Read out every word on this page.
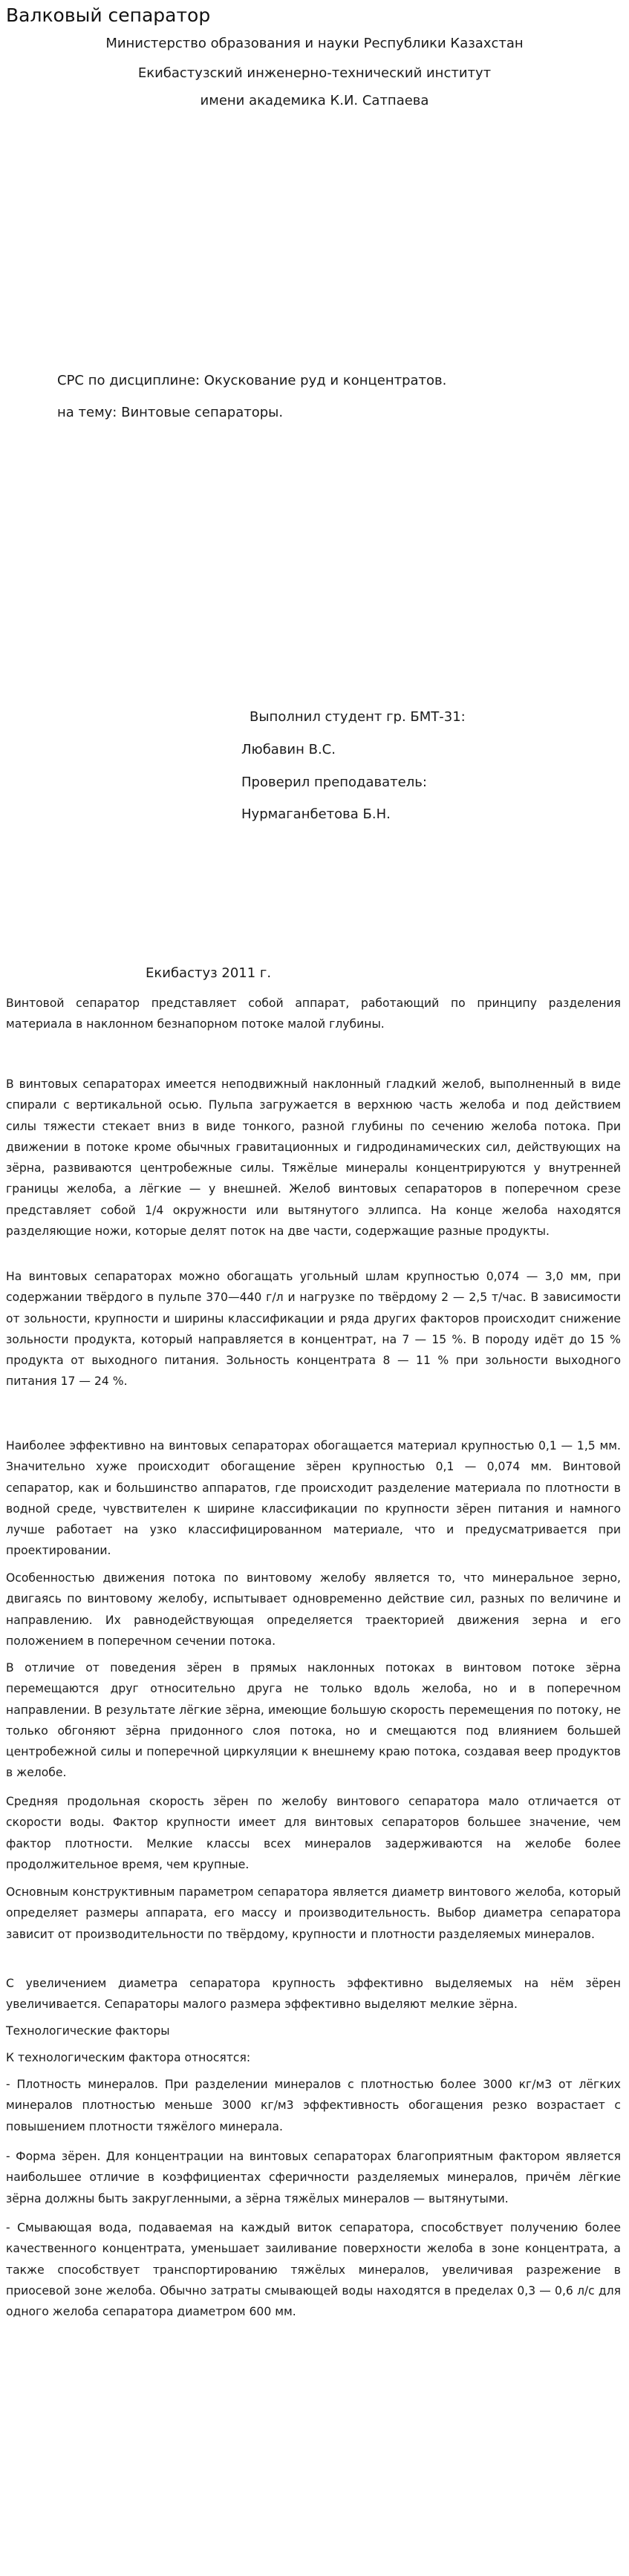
Валковый сепаратор
Министерство образования и науки Республики Казахстан
Екибастузский инженерно-технический институт
имени академика К.И. Сатпаева
СРС по дисциплине: Окускование руд и концентратов.
на тему: Винтовые сепараторы.
Выполнил студент гр. БМТ-31:
Любавин В.С.
Проверил преподаватель:
Нурмаганбетова Б.Н.
Екибастуз 2011 г.

Винтовой сепаратор представляет собой аппарат, работающий по принципу разделения материала в наклонном безнапорном потоке малой глубины.

В винтовых сепараторах имеется неподвижный наклонный гладкий желоб, выполненный в виде спирали с вертикальной осью. Пульпа загружается в верхнюю часть желоба и под действием силы тяжести стекает вниз в виде тонкого, разной глубины по сечению желоба потока. При движении в потоке кроме обычных гравитационных и гидродинамических сил, действующих на зёрна, развиваются центробежные силы. Тяжёлые минералы концентрируются у внутренней границы желоба, а лёгкие — у внешней. Желоб винтовых сепараторов в поперечном срезе представляет собой 1/4 окружности или вытянутого эллипса. На конце желоба находятся разделяющие ножи, которые делят поток на две части, содержащие разные продукты.

На винтовых сепараторах можно обогащать угольный шлам крупностью 0,074 — 3,0 мм, при содержании твёрдого в пульпе 370—440 г/л и нагрузке по твёрдому 2 — 2,5 т/час. В зависимости от зольности, крупности и ширины классификации и ряда других факторов происходит снижение зольности продукта, который направляется в концентрат, на 7 — 15 %. В породу идёт до 15 % продукта от выходного питания. Зольность концентрата 8 — 11 % при зольности выходного питания 17 — 24 %.

Наиболее эффективно на винтовых сепараторах обогащается материал крупностью 0,1 — 1,5 мм. Значительно хуже происходит обогащение зёрен крупностью 0,1 — 0,074 мм. Винтовой сепаратор, как и большинство аппаратов, где происходит разделение материала по плотности в водной среде, чувствителен к ширине классификации по крупности зёрен питания и намного лучше работает на узко классифицированном материале, что и предусматривается при проектировании.

Особенностью движения потока по винтовому желобу является то, что минеральное зерно, двигаясь по винтовому желобу, испытывает одновременно действие сил, разных по величине и направлению. Их равнодействующая определяется траекторией движения зерна и его положением в поперечном сечении потока.

В отличие от поведения зёрен в прямых наклонных потоках в винтовом потоке зёрна перемещаются друг относительно друга не только вдоль желоба, но и в поперечном направлении. В результате лёгкие зёрна, имеющие большую скорость перемещения по потоку, не только обгоняют зёрна придонного слоя потока, но и смещаются под влиянием большей центробежной силы и поперечной циркуляции к внешнему краю потока, создавая веер продуктов в желобе.

Средняя продольная скорость зёрен по желобу винтового сепаратора мало отличается от скорости воды. Фактор крупности имеет для винтовых сепараторов большее значение, чем фактор плотности. Мелкие классы всех минералов задерживаются на желобе более продолжительное время, чем крупные.

Основным конструктивным параметром сепаратора является диаметр винтового желоба, который определяет размеры аппарата, его массу и производительность. Выбор диаметра сепаратора зависит от производительности по твёрдому, крупности и плотности разделяемых минералов.

С увеличением диаметра сепаратора крупность эффективно выделяемых на нём зёрен увеличивается. Сепараторы малого размера эффективно выделяют мелкие зёрна.

Технологические факторы

К технологическим фактора относятся:

- Плотность минералов. При разделении минералов с плотностью более 3000 кг/м3 от лёгких минералов плотностью меньше 3000 кг/м3 эффективность обогащения резко возрастает с повышением плотности тяжёлого минерала.

- Форма зёрен. Для концентрации на винтовых сепараторах благоприятным фактором является наибольшее отличие в коэффициентах сферичности разделяемых минералов, причём лёгкие зёрна должны быть закругленными, а зёрна тяжёлых минералов — вытянутыми.

- Смывающая вода, подаваемая на каждый виток сепаратора, способствует получению более качественного концентрата, уменьшает заиливание поверхности желоба в зоне концентрата, а также способствует транспортированию тяжёлых минералов, увеличивая разрежение в приосевой зоне желоба. Обычно затраты смывающей воды находятся в пределах 0,3 — 0,6 л/с для одного желоба сепаратора диаметром 600 мм.
